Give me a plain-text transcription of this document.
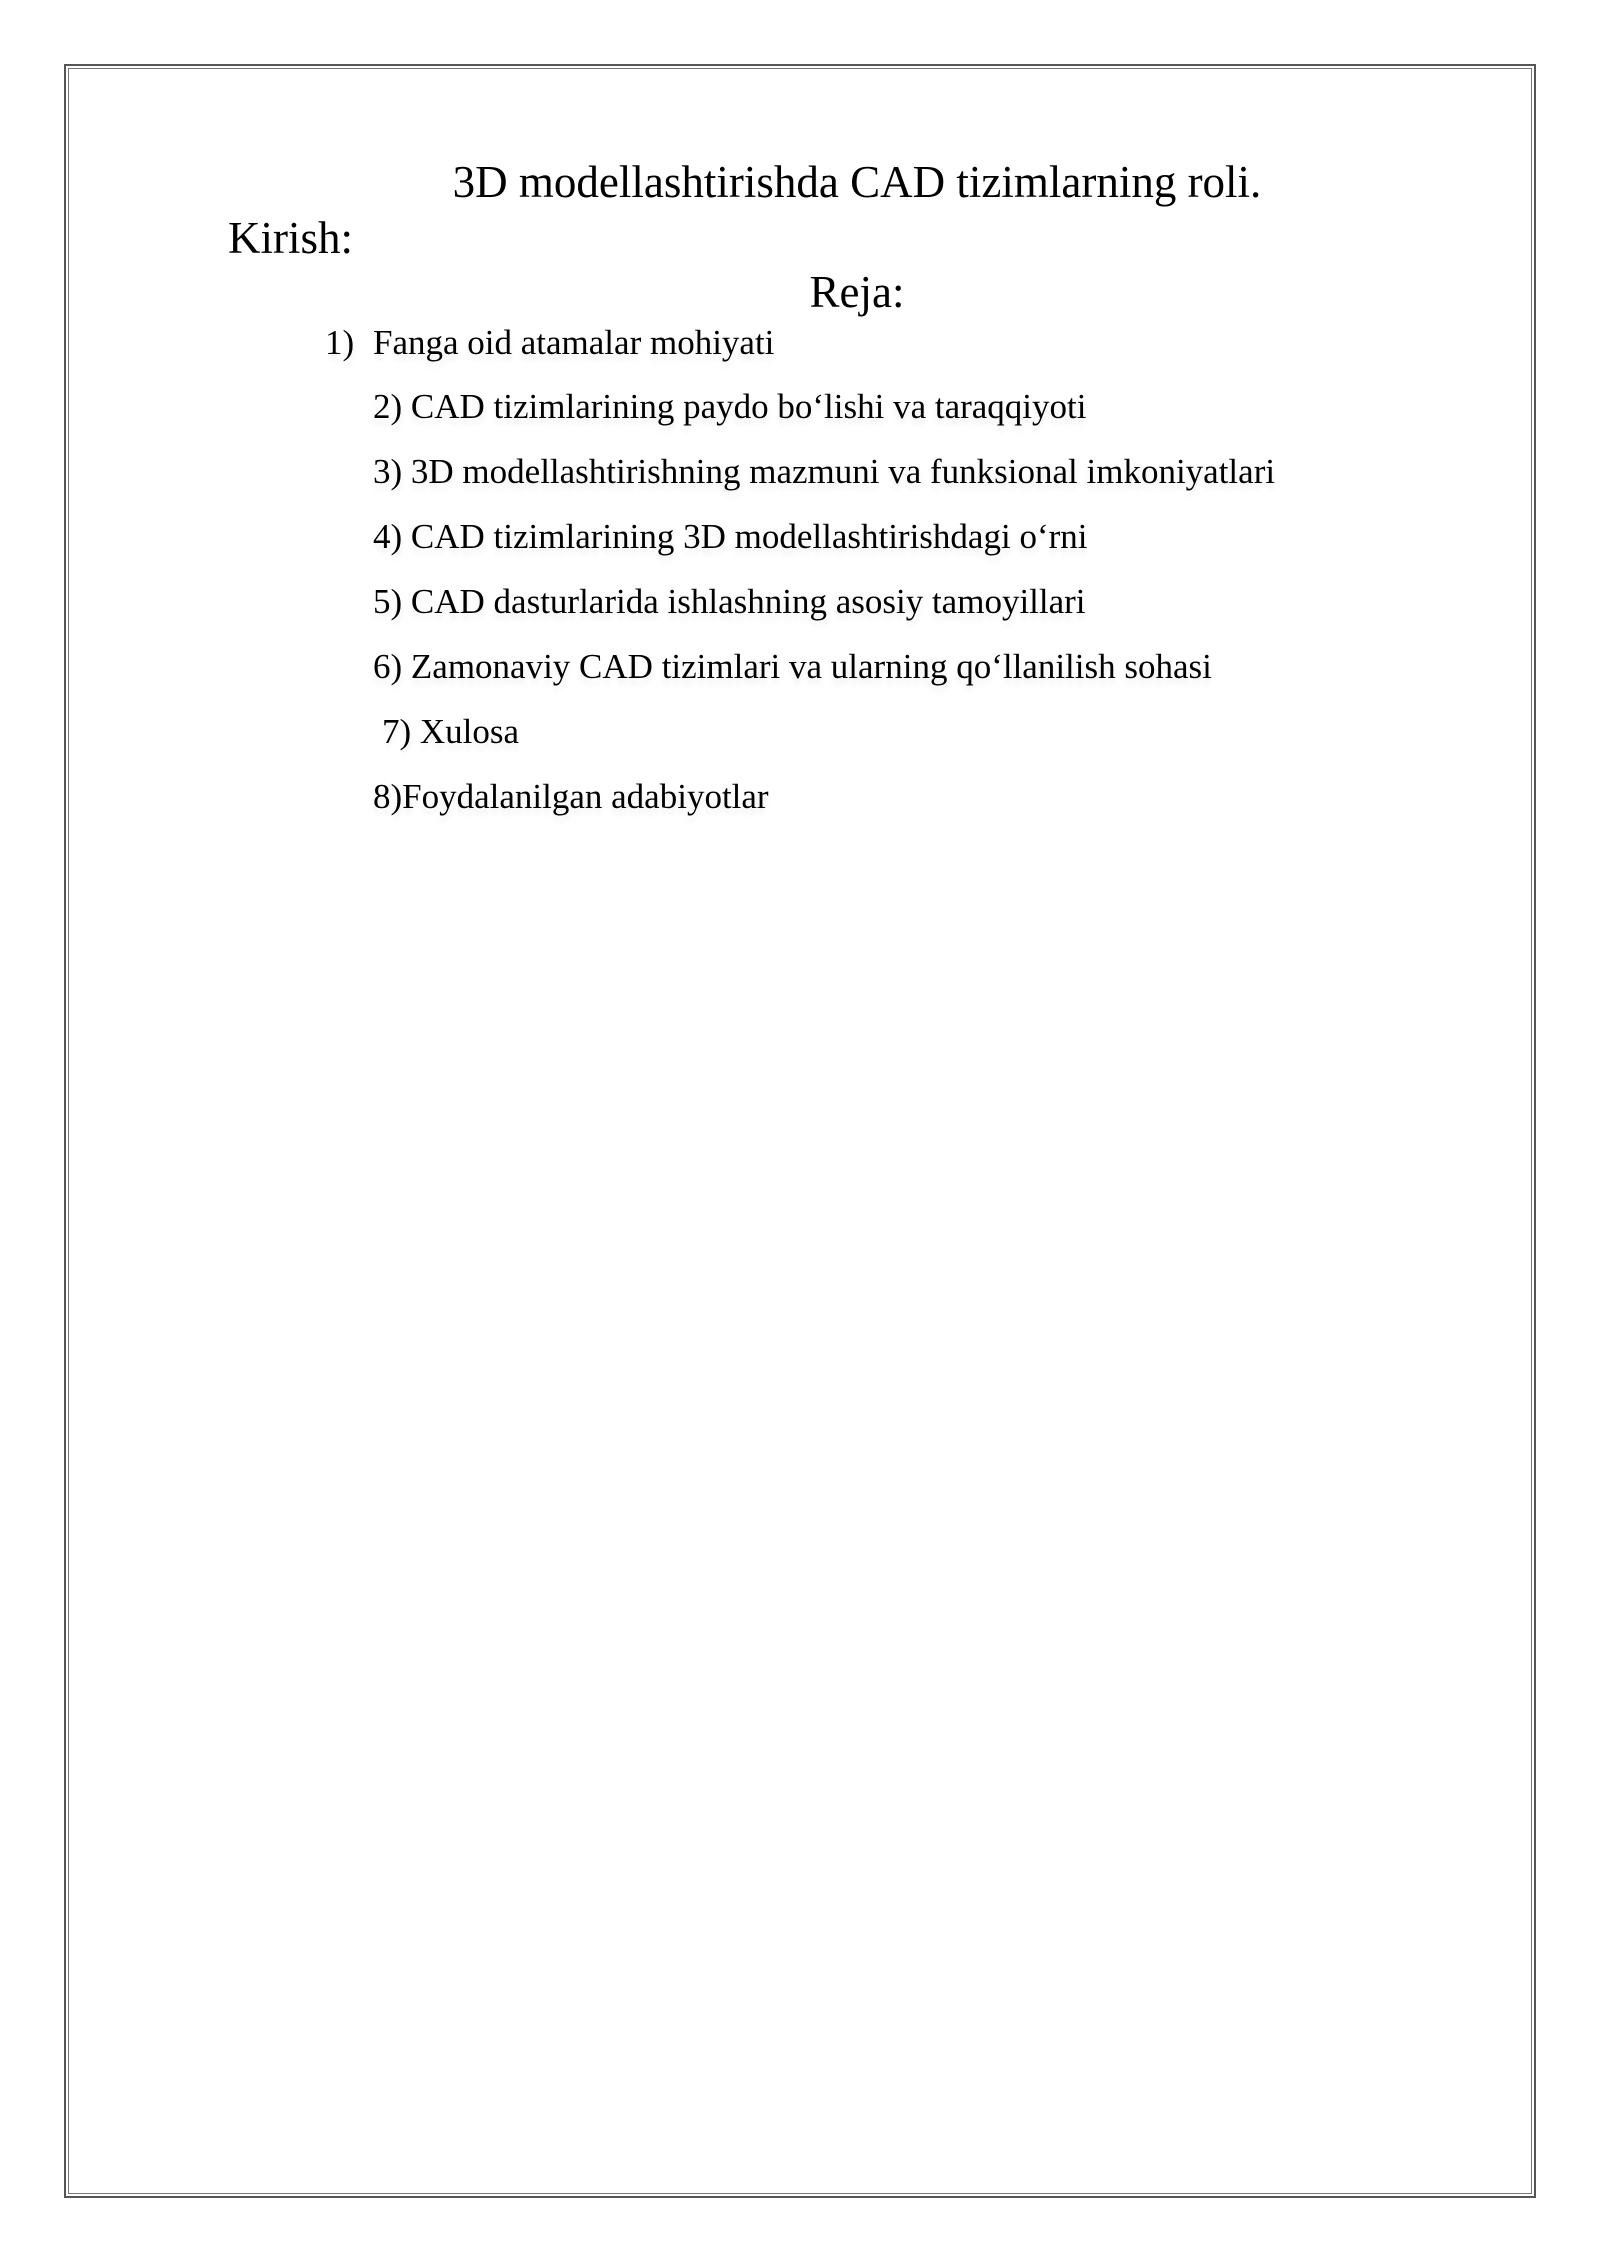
3D modellashtirishda CAD tizimlarning roli.
Kirish:
Reja:
1) Fanga oid atamalar mohiyati
2) CAD tizimlarining paydo bo‘lishi va taraqqiyoti
3) 3D modellashtirishning mazmuni va funksional imkoniyatlari
4) CAD tizimlarining 3D modellashtirishdagi o‘rni
5) CAD dasturlarida ishlashning asosiy tamoyillari
6) Zamonaviy CAD tizimlari va ularning qo‘llanilish sohasi
7) Xulosa
8)Foydalanilgan adabiyotlar
